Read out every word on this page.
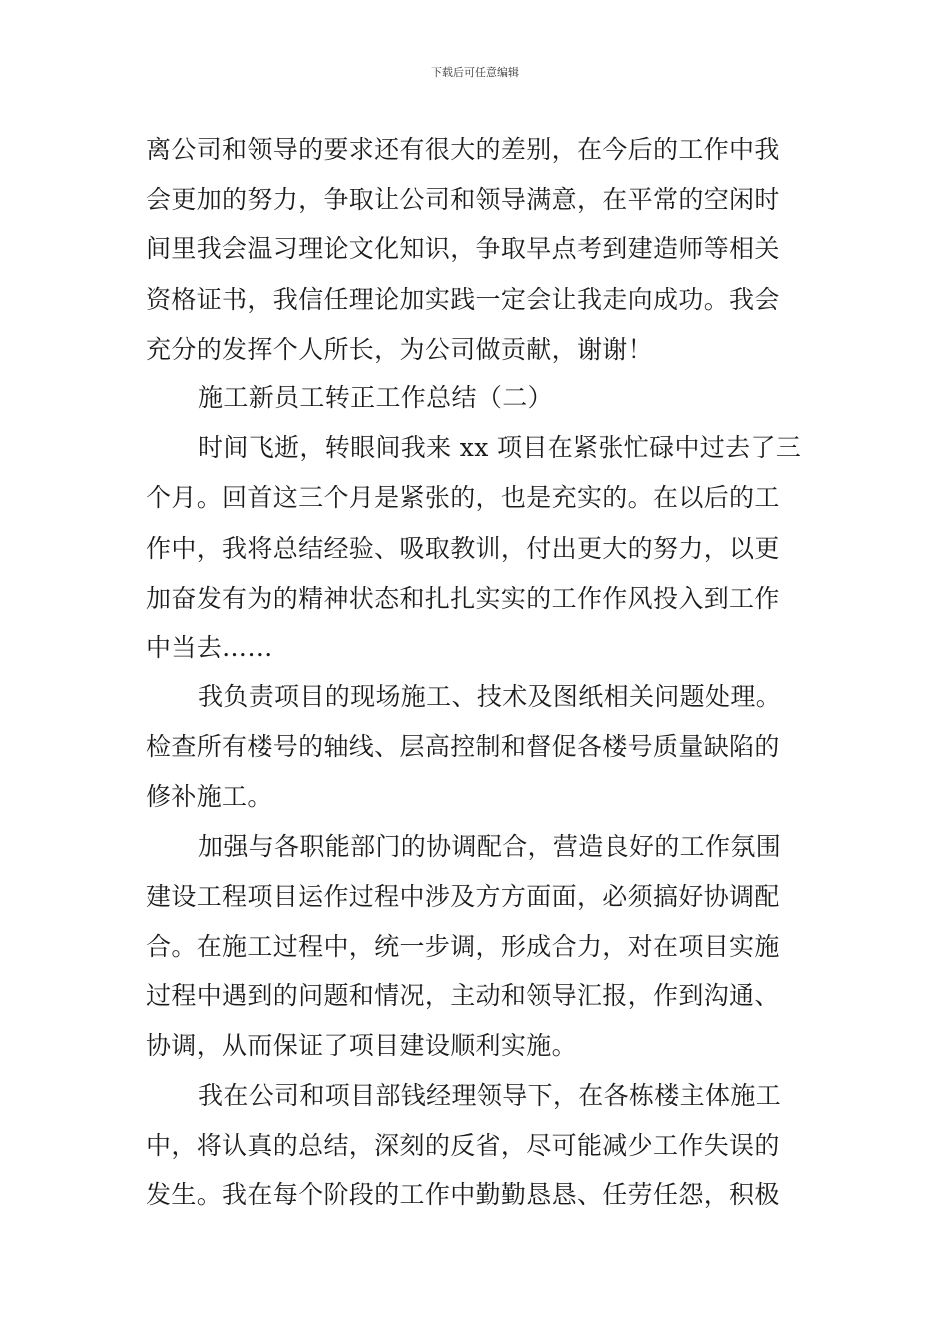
下载后可任意编辑
离公司和领导的要求还有很大的差别，在今后的工作中我
会更加的努力，争取让公司和领导满意，在平常的空闲时
间里我会温习理论文化知识，争取早点考到建造师等相关
资格证书，我信任理论加实践一定会让我走向成功。我会
充分的发挥个人所长，为公司做贡献，谢谢！
施工新员工转正工作总结（二）
时间飞逝，转眼间我来 xx 项目在紧张忙碌中过去了三
个月。回首这三个月是紧张的，也是充实的。在以后的工
作中，我将总结经验、吸取教训，付出更大的努力，以更
加奋发有为的精神状态和扎扎实实的工作作风投入到工作
中当去……
我负责项目的现场施工、技术及图纸相关问题处理。
检查所有楼号的轴线、层高控制和督促各楼号质量缺陷的
修补施工。
加强与各职能部门的协调配合，营造良好的工作氛围
建设工程项目运作过程中涉及方方面面，必须搞好协调配
合。在施工过程中，统一步调，形成合力，对在项目实施
过程中遇到的问题和情况，主动和领导汇报，作到沟通、
协调，从而保证了项目建设顺利实施。
我在公司和项目部钱经理领导下，在各栋楼主体施工
中，将认真的总结，深刻的反省，尽可能减少工作失误的
发生。我在每个阶段的工作中勤勤恳恳、任劳任怨，积极
